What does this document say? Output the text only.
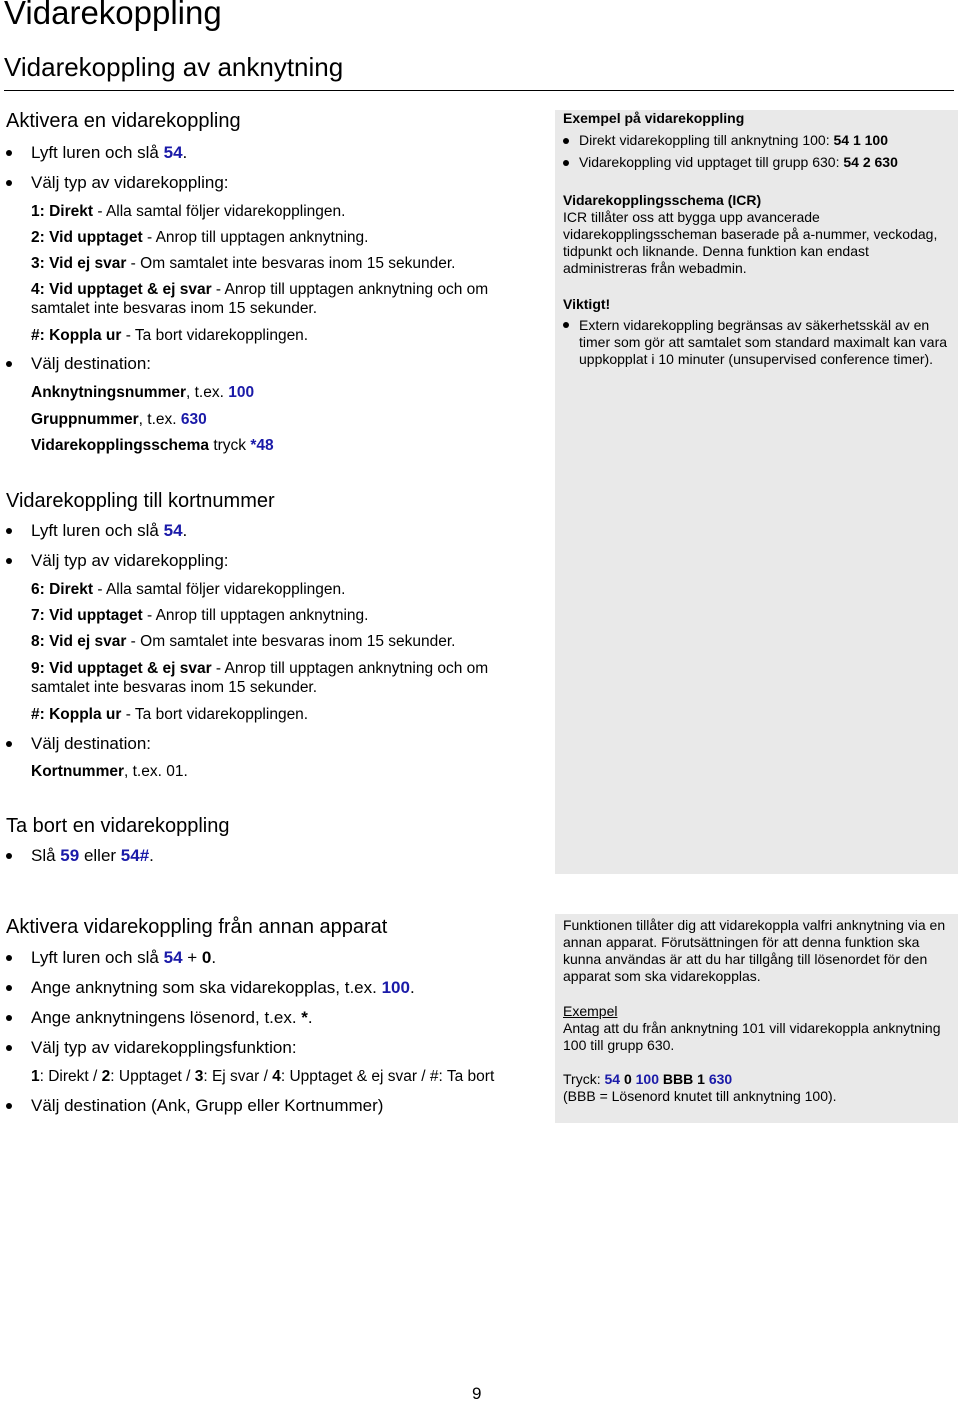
Vidarekoppling
Vidarekoppling av anknytning
Aktivera en vidarekoppling
Lyft luren och slå 54.
Välj typ av vidarekoppling:
1: Direkt - Alla samtal följer vidarekopplingen.
2: Vid upptaget - Anrop till upptagen anknytning.
3: Vid ej svar - Om samtalet inte besvaras inom 15 sekunder.
4: Vid upptaget & ej svar - Anrop till upptagen anknytning och om samtalet inte besvaras inom 15 sekunder.
#: Koppla ur - Ta bort vidarekopplingen.
Välj destination:
Anknytningsnummer, t.ex. 100
Gruppnummer, t.ex. 630
Vidarekopplingsschema tryck *48
Exempel på vidarekoppling
Direkt vidarekoppling till anknytning 100: 54 1 100
Vidarekoppling vid upptaget till grupp 630: 54 2 630
Vidarekopplingsschema (ICR)
ICR tillåter oss att bygga upp avancerade vidarekopplingsscheman baserade på a-nummer, veckodag, tidpunkt och liknande. Denna funktion kan endast administreras från webadmin.
Viktigt!
Extern vidarekoppling begränsas av säkerhetsskäl av en timer som gör att samtalet som standard maximalt kan vara uppkopplat i 10 minuter (unsupervised conference timer).
Vidarekoppling till kortnummer
Lyft luren och slå 54.
Välj typ av vidarekoppling:
6: Direkt - Alla samtal följer vidarekopplingen.
7: Vid upptaget - Anrop till upptagen anknytning.
8: Vid ej svar - Om samtalet inte besvaras inom 15 sekunder.
9: Vid upptaget & ej svar - Anrop till upptagen anknytning och om samtalet inte besvaras inom 15 sekunder.
#: Koppla ur - Ta bort vidarekopplingen.
Välj destination:
Kortnummer, t.ex. 01.
Ta bort en vidarekoppling
Slå 59 eller 54#.
Aktivera vidarekoppling från annan apparat
Lyft luren och slå 54 + 0.
Ange anknytning som ska vidarekopplas, t.ex. 100.
Ange anknytningens lösenord, t.ex. *.
Välj typ av vidarekopplingsfunktion:
1: Direkt / 2: Upptaget / 3: Ej svar / 4: Upptaget & ej svar / #: Ta bort
Välj destination (Ank, Grupp eller Kortnummer)
Funktionen tillåter dig att vidarekoppla valfri anknytning via en annan apparat. Förutsättningen för att denna funktion ska kunna användas är att du har tillgång till lösenordet för den apparat som ska vidarekopplas.
Exempel
Antag att du från anknytning 101 vill vidarekoppla anknytning 100 till grupp 630.
Tryck: 54 0 100 BBB 1 630
(BBB = Lösenord knutet till anknytning 100).
9
